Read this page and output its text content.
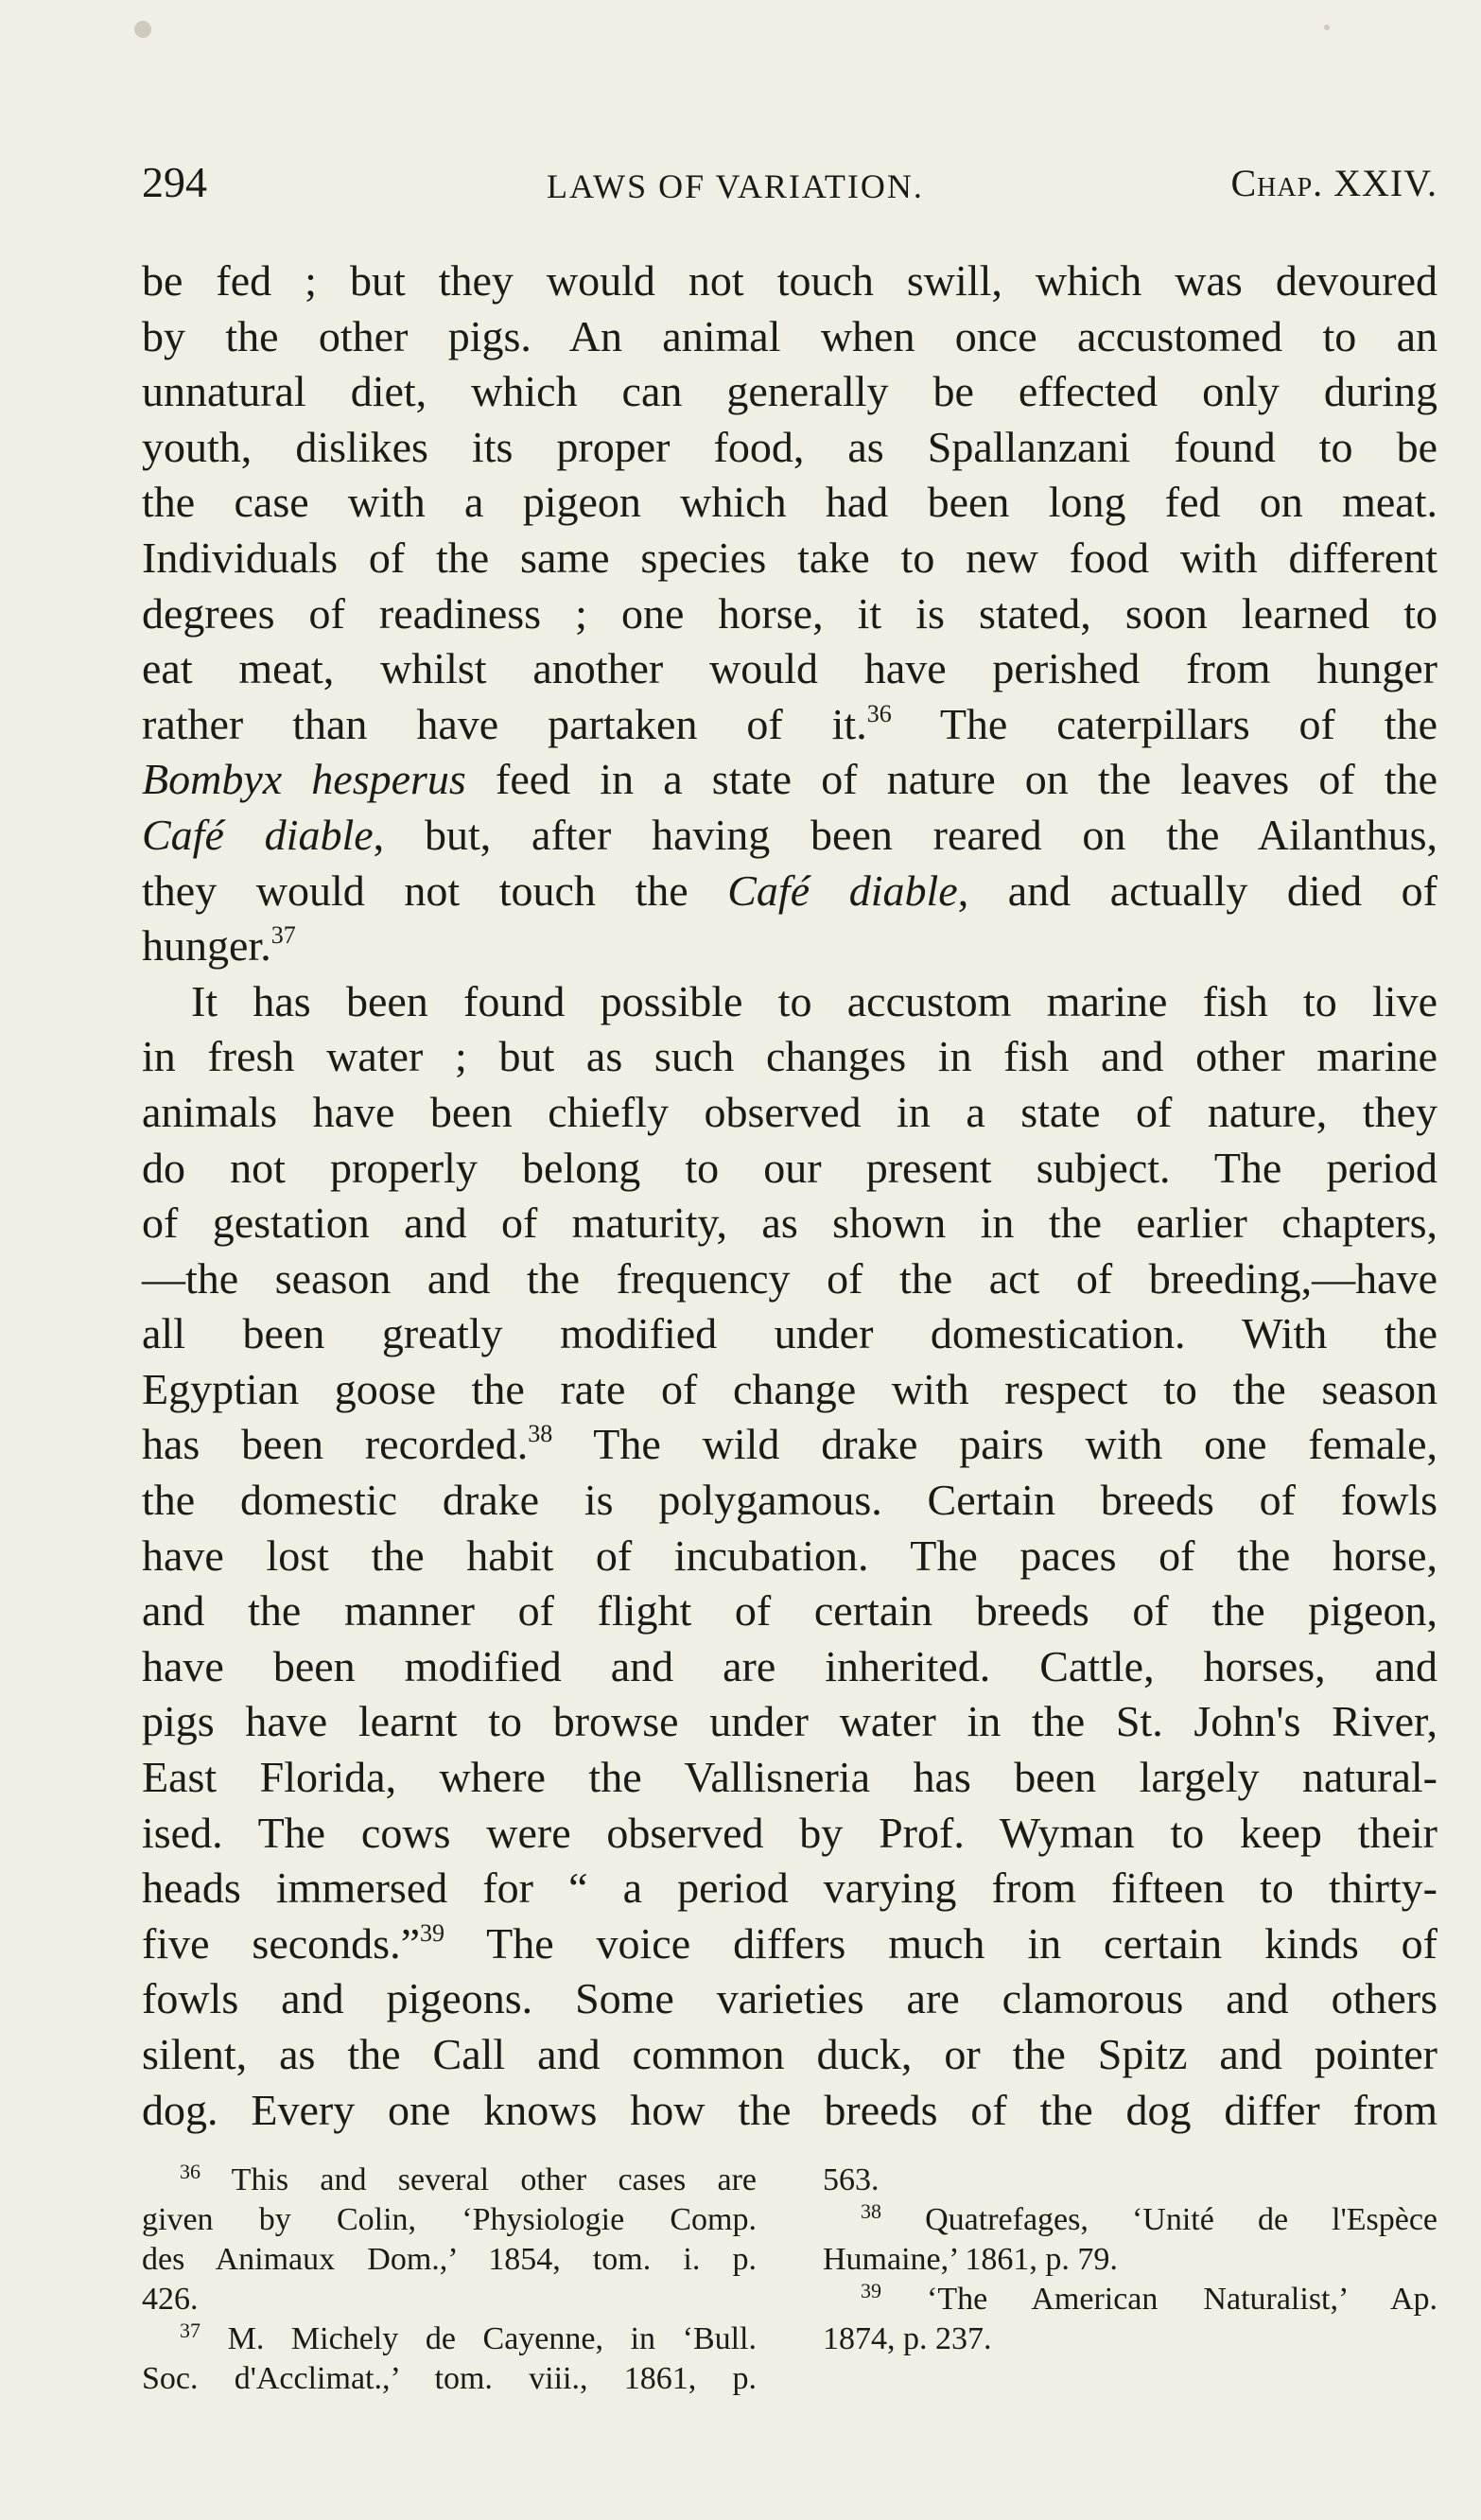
294	LAWS OF VARIATION.	Chap. XXIV.
be fed ; but they would not touch swill, which was devoured
by the other pigs. An animal when once accustomed to an
unnatural diet, which can generally be effected only during
youth, dislikes its proper food, as Spallanzani found to be
the case with a pigeon which had been long fed on meat.
Individuals of the same species take to new food with different
degrees of readiness ; one horse, it is stated, soon learned to
eat meat, whilst another would have perished from hunger
rather than have partaken of it.$^{36}$ The caterpillars of the
Bombyx hesperus feed in a state of nature on the leaves of the
Café diable, but, after having been reared on the Ailanthus,
they would not touch the Café diable, and actually died of
hunger.$^{37}$
It has been found possible to accustom marine fish to live
in fresh water ; but as such changes in fish and other marine
animals have been chiefly observed in a state of nature, they
do not properly belong to our present subject. The period
of gestation and of maturity, as shown in the earlier chapters,
—the season and the frequency of the act of breeding,—have
all been greatly modified under domestication. With the
Egyptian goose the rate of change with respect to the season
has been recorded.$^{38}$ The wild drake pairs with one female,
the domestic drake is polygamous. Certain breeds of fowls
have lost the habit of incubation. The paces of the horse,
and the manner of flight of certain breeds of the pigeon,
have been modified and are inherited. Cattle, horses, and
pigs have learnt to browse under water in the St. John's River,
East Florida, where the Vallisneria has been largely natural-
ised. The cows were observed by Prof. Wyman to keep their
heads immersed for “ a period varying from fifteen to thirty-
five seconds.”$^{39}$ The voice differs much in certain kinds of
fowls and pigeons. Some varieties are clamorous and others
silent, as the Call and common duck, or the Spitz and pointer
dog. Every one knows how the breeds of the dog differ from
$^{36}$ This and several other cases are
given by Colin, ‘Physiologie Comp.
des Animaux Dom.,’ 1854, tom. i. p.
426.
$^{37}$ M. Michely de Cayenne, in ‘Bull.
Soc. d'Acclimat.,’ tom. viii., 1861, p.
563.
$^{38}$ Quatrefages, ‘Unité de l'Espèce
Humaine,’ 1861, p. 79.
$^{39}$ ‘The American Naturalist,’ Ap.
1874, p. 237.
